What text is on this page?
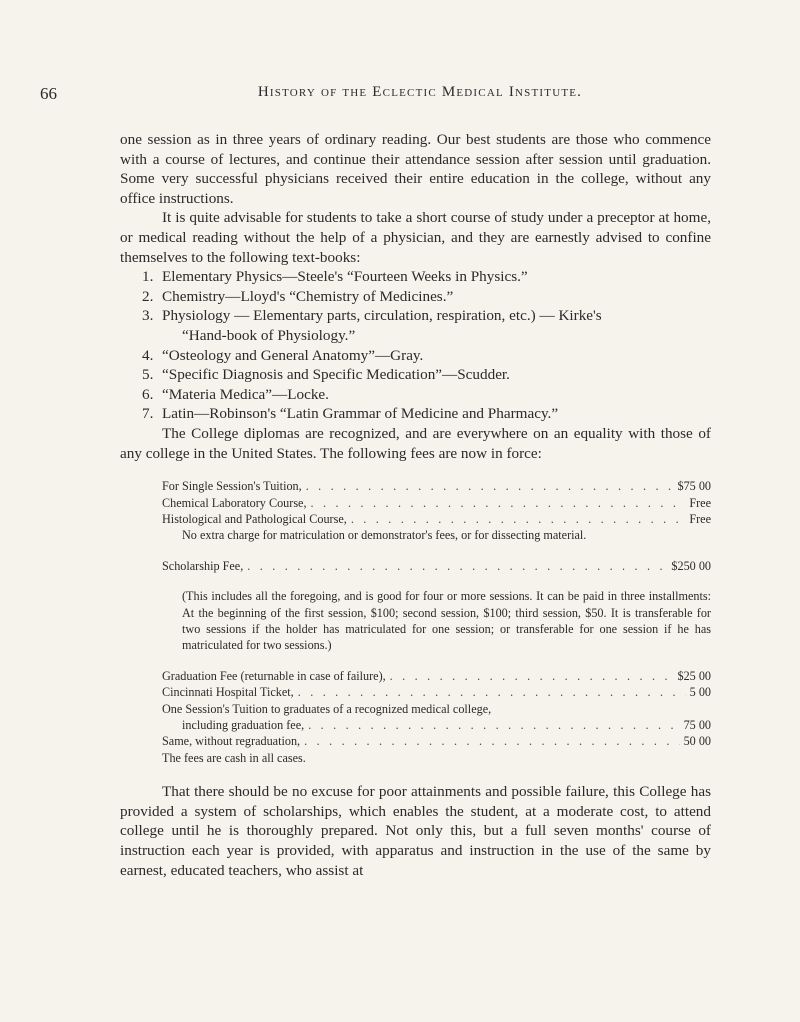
66	History of the Eclectic Medical Institute.

one session as in three years of ordinary reading. Our best students are those who commence with a course of lectures, and continue their attendance session after session until graduation. Some very successful physicians received their entire education in the college, without any office instructions.

It is quite advisable for students to take a short course of study under a preceptor at home, or medical reading without the help of a physician, and they are earnestly advised to confine themselves to the following text-books:

1. Elementary Physics—Steele's “Fourteen Weeks in Physics.”
2. Chemistry—Lloyd's “Chemistry of Medicines.”
3. Physiology — Elementary parts, circulation, respiration, etc.) — Kirke's
“Hand-book of Physiology.”
4. “Osteology and General Anatomy”—Gray.
5. “Specific Diagnosis and Specific Medication”—Scudder.
6. “Materia Medica”—Locke.
7. Latin—Robinson's “Latin Grammar of Medicine and Pharmacy.”

The College diplomas are recognized, and are everywhere on an equality with those of any college in the United States. The following fees are now in force:

For Single Session's Tuition, . . .	$75 00
Chemical Laboratory Course, . . .	Free
Histological and Pathological Course, . . .	Free
No extra charge for matriculation or demonstrator's fees, or for dissecting material.
Scholarship Fee, . . .	$250 00
(This includes all the foregoing, and is good for four or more sessions. It can be paid in three installments: At the beginning of the first session, $100; second session, $100; third session, $50. It is transferable for two sessions if the holder has matriculated for one session; or transferable for one session if he has matriculated for two sessions.)
Graduation Fee (returnable in case of failure), . . .	$25 00
Cincinnati Hospital Ticket, . . .	5 00
One Session's Tuition to graduates of a recognized medical college,
including graduation fee, . . .	75 00
Same, without regraduation, . . .	50 00
The fees are cash in all cases.

That there should be no excuse for poor attainments and possible failure, this College has provided a system of scholarships, which enables the student, at a moderate cost, to attend college until he is thoroughly prepared. Not only this, but a full seven months' course of instruction each year is provided, with apparatus and instruction in the use of the same by earnest, educated teachers, who assist at
